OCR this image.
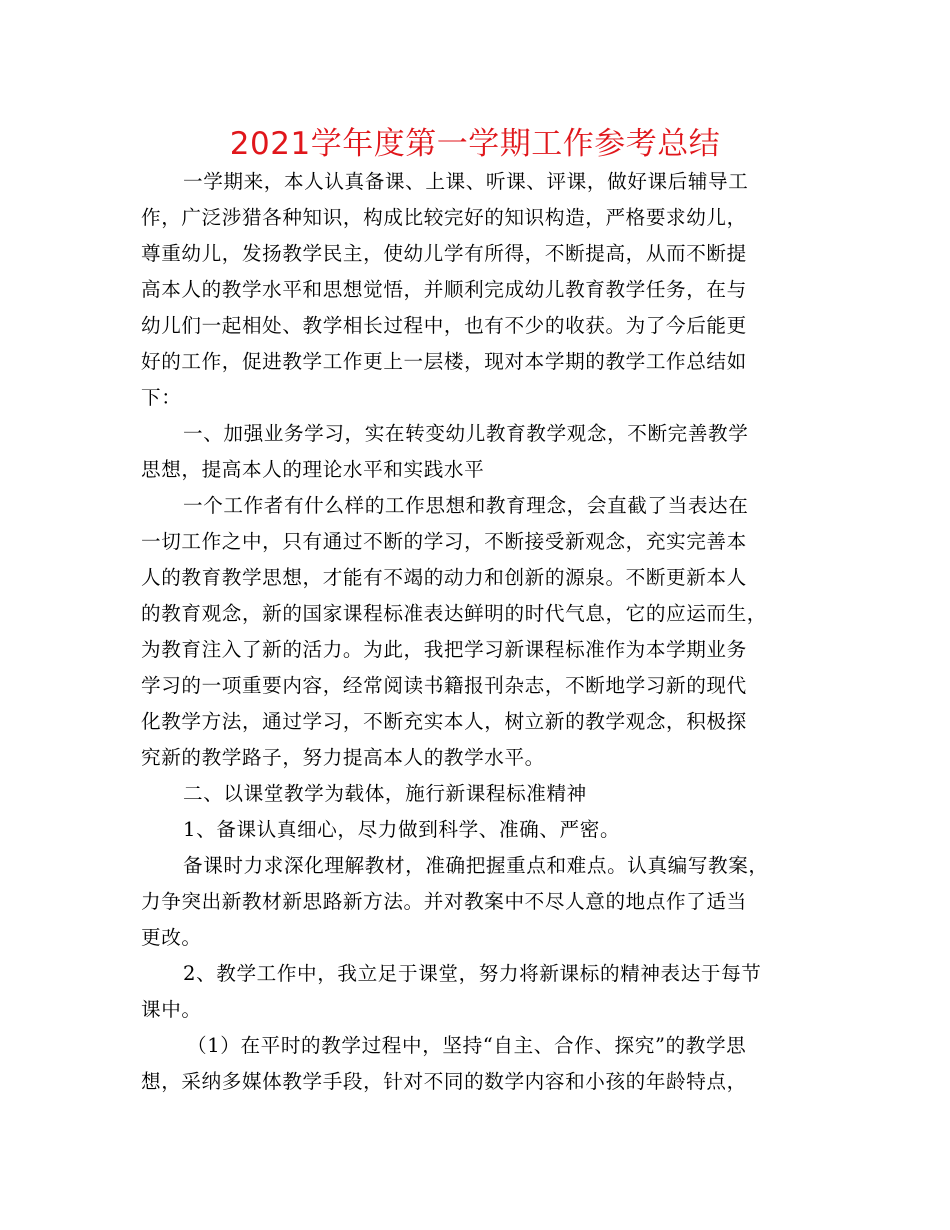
2021学年度第一学期工作参考总结
一学期来，本人认真备课、上课、听课、评课，做好课后辅导工
作，广泛涉猎各种知识，构成比较完好的知识构造，严格要求幼儿，
尊重幼儿，发扬教学民主，使幼儿学有所得，不断提高，从而不断提
高本人的教学水平和思想觉悟，并顺利完成幼儿教育教学任务，在与
幼儿们一起相处、教学相长过程中，也有不少的收获。为了今后能更
好的工作，促进教学工作更上一层楼，现对本学期的教学工作总结如
下：
一、加强业务学习，实在转变幼儿教育教学观念，不断完善教学
思想，提高本人的理论水平和实践水平
一个工作者有什么样的工作思想和教育理念，会直截了当表达在
一切工作之中，只有通过不断的学习，不断接受新观念，充实完善本
人的教育教学思想，才能有不竭的动力和创新的源泉。不断更新本人
的教育观念，新的国家课程标准表达鲜明的时代气息，它的应运而生，
为教育注入了新的活力。为此，我把学习新课程标准作为本学期业务
学习的一项重要内容，经常阅读书籍报刊杂志，不断地学习新的现代
化教学方法，通过学习，不断充实本人，树立新的教学观念，积极探
究新的教学路子，努力提高本人的教学水平。
二、以课堂教学为载体，施行新课程标准精神
1、备课认真细心，尽力做到科学、准确、严密。
备课时力求深化理解教材，准确把握重点和难点。认真编写教案，
力争突出新教材新思路新方法。并对教案中不尽人意的地点作了适当
更改。
2、教学工作中，我立足于课堂，努力将新课标的精神表达于每节
课中。
（1）在平时的教学过程中，坚持“自主、合作、探究”的教学思
想，采纳多媒体教学手段，针对不同的数学内容和小孩的年龄特点，
